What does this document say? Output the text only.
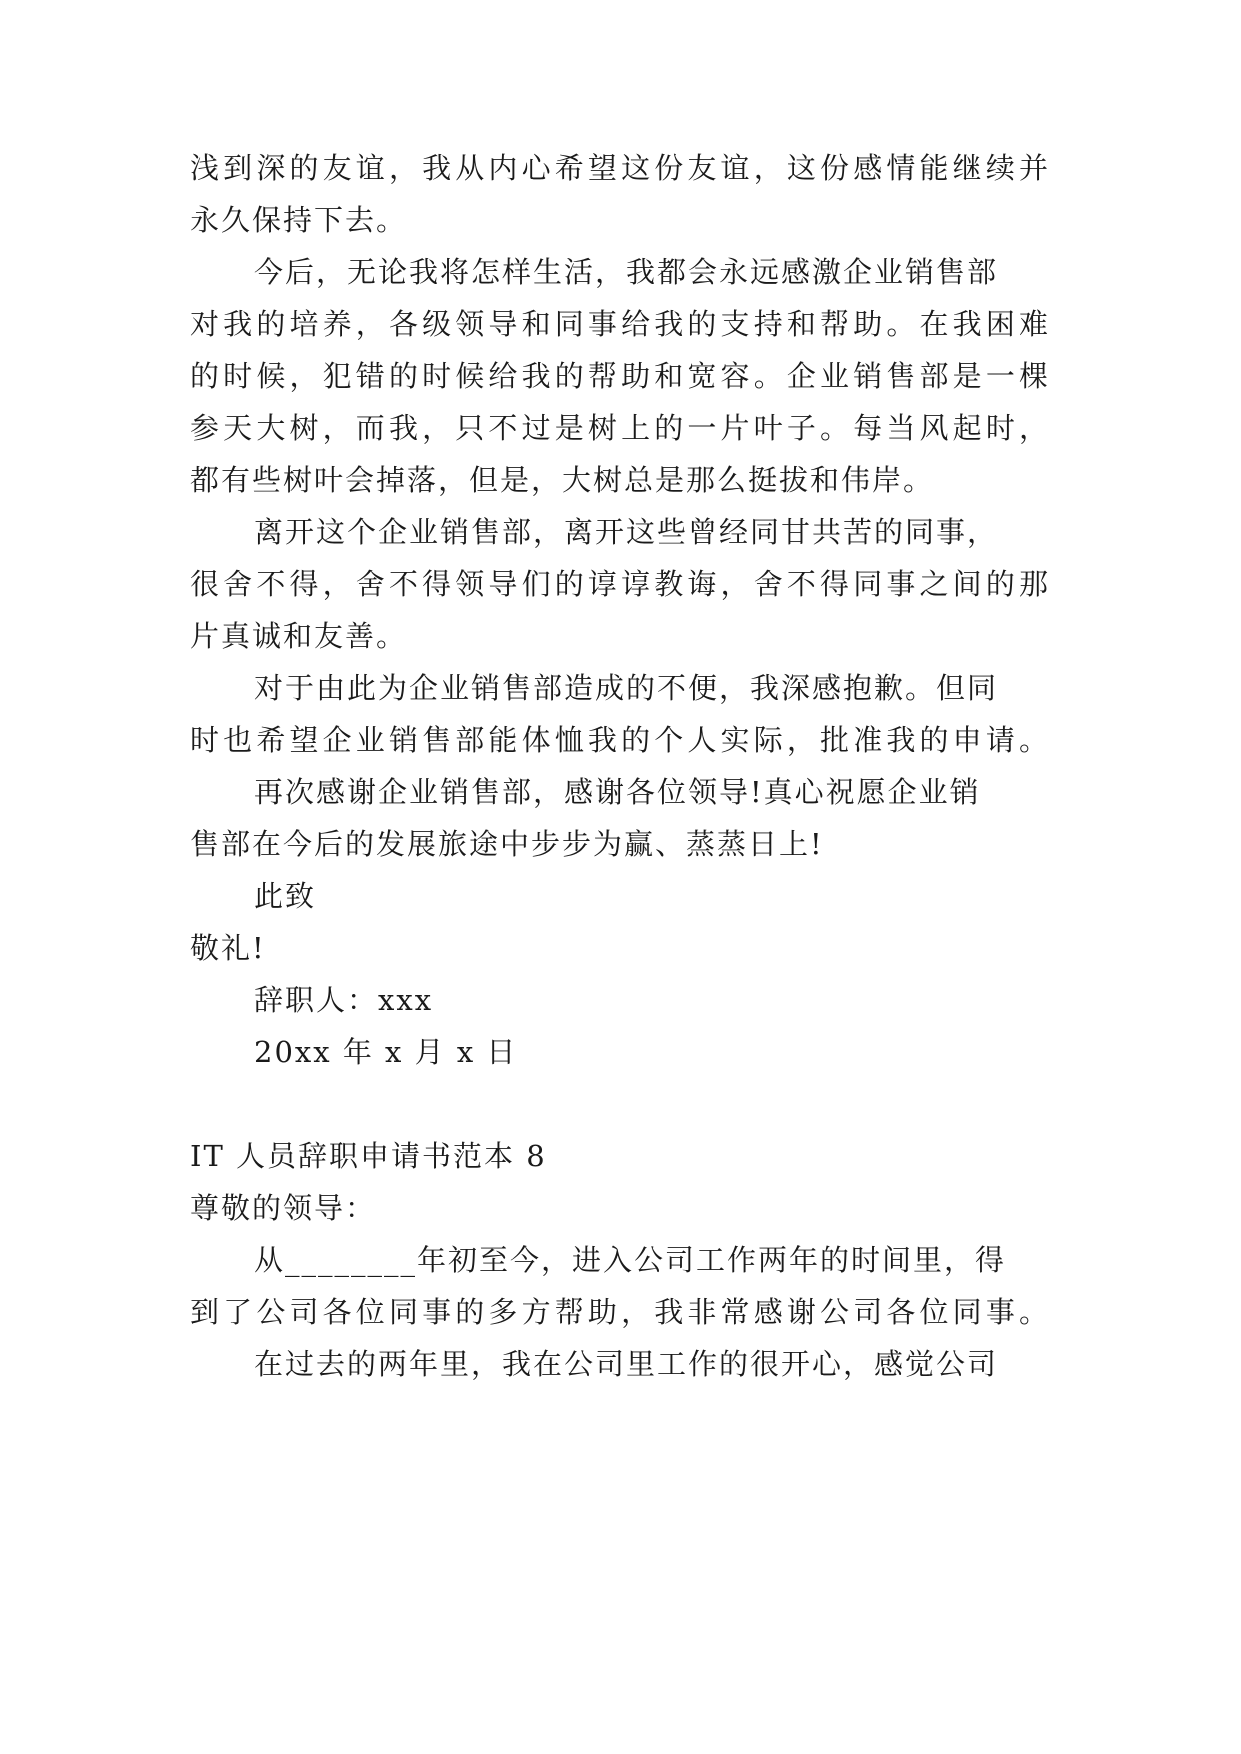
浅到深的友谊，我从内心希望这份友谊，这份感情能继续并
永久保持下去。
今后，无论我将怎样生活，我都会永远感激企业销售部
对我的培养，各级领导和同事给我的支持和帮助。在我困难
的时候，犯错的时候给我的帮助和宽容。企业销售部是一棵
参天大树，而我，只不过是树上的一片叶子。每当风起时，
都有些树叶会掉落，但是，大树总是那么挺拔和伟岸。
离开这个企业销售部，离开这些曾经同甘共苦的同事，
很舍不得，舍不得领导们的谆谆教诲，舍不得同事之间的那
片真诚和友善。
对于由此为企业销售部造成的不便，我深感抱歉。但同
时也希望企业销售部能体恤我的个人实际，批准我的申请。
再次感谢企业销售部，感谢各位领导!真心祝愿企业销
售部在今后的发展旅途中步步为赢、蒸蒸日上!
此致
敬礼!
辞职人：xxx
20xx 年 x 月 x 日
IT 人员辞职申请书范本 8
尊敬的领导：
从________年初至今，进入公司工作两年的时间里，得
到了公司各位同事的多方帮助，我非常感谢公司各位同事。
在过去的两年里，我在公司里工作的很开心，感觉公司
